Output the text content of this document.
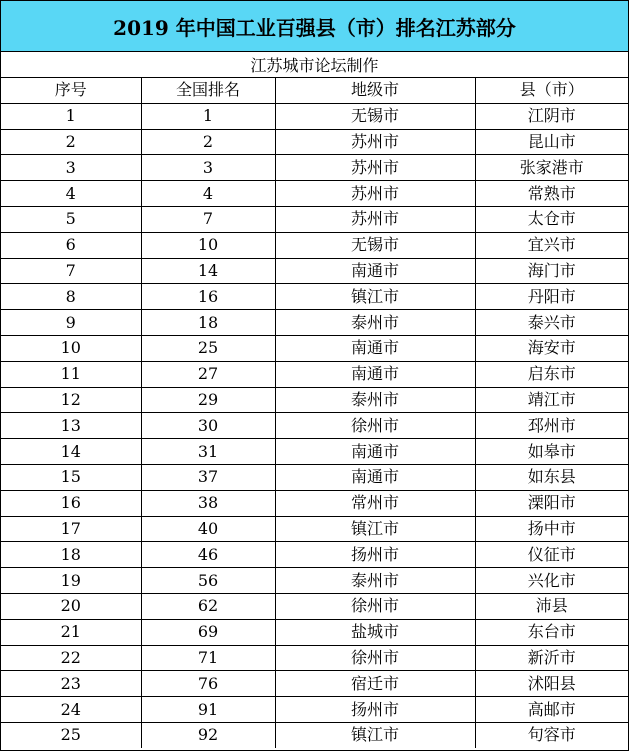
2019 年中国工业百强县（市）排名江苏部分
江苏城市论坛制作
序号	全国排名	地级市	县（市）
1	1	无锡市	江阴市
2	2	苏州市	昆山市
3	3	苏州市	张家港市
4	4	苏州市	常熟市
5	7	苏州市	太仓市
6	10	无锡市	宜兴市
7	14	南通市	海门市
8	16	镇江市	丹阳市
9	18	泰州市	泰兴市
10	25	南通市	海安市
11	27	南通市	启东市
12	29	泰州市	靖江市
13	30	徐州市	邳州市
14	31	南通市	如皋市
15	37	南通市	如东县
16	38	常州市	溧阳市
17	40	镇江市	扬中市
18	46	扬州市	仪征市
19	56	泰州市	兴化市
20	62	徐州市	沛县
21	69	盐城市	东台市
22	71	徐州市	新沂市
23	76	宿迁市	沭阳县
24	91	扬州市	高邮市
25	92	镇江市	句容市
